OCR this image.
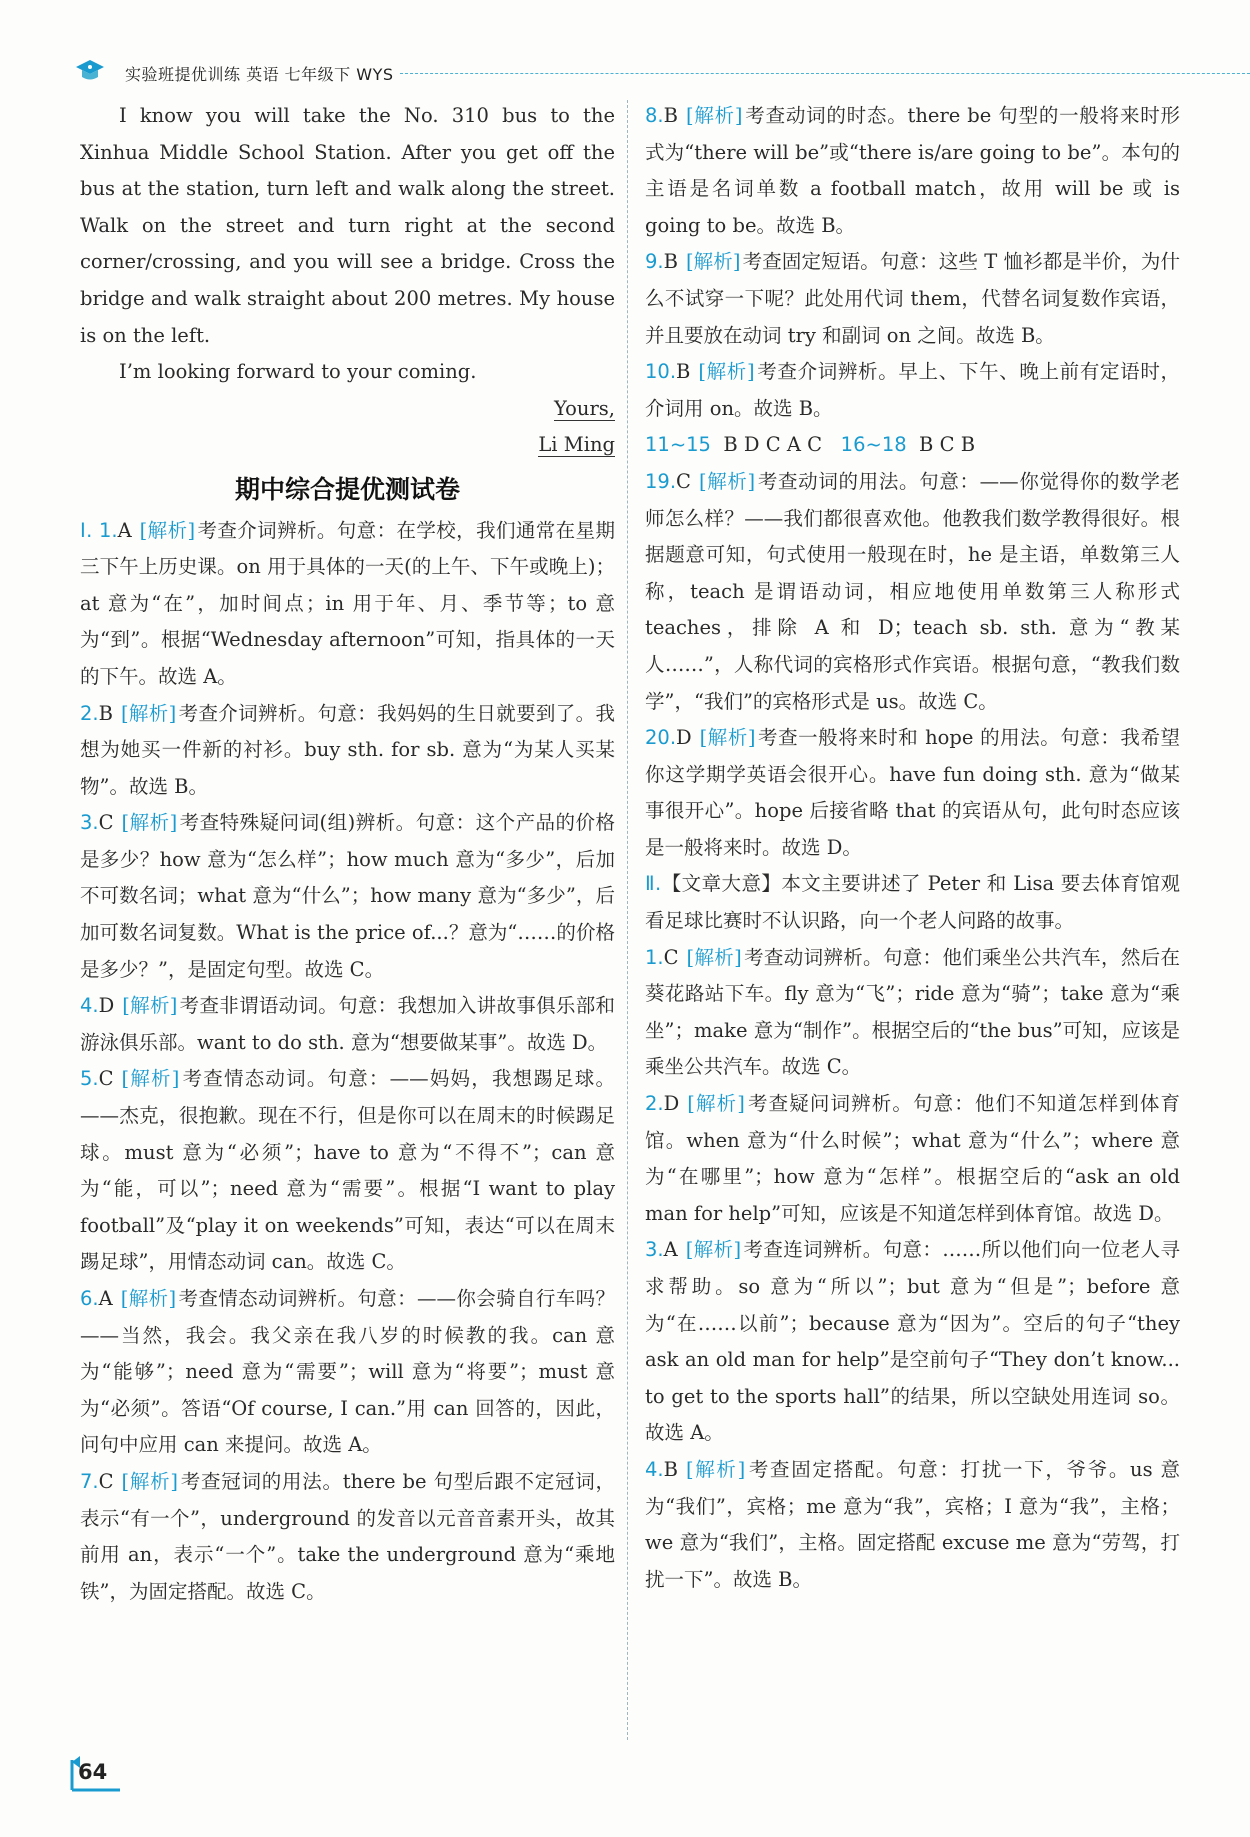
实验班提优训练 英语 七年级下 WYS

I know you will take the No. 310 bus to the Xinhua Middle School Station. After you get off the bus at the station, turn left and walk along the street. Walk on the street and turn right at the second corner/crossing, and you will see a bridge. Cross the bridge and walk straight about 200 metres. My house is on the left.

I’m looking forward to your coming.

Yours,

Li Ming

期中综合提优测试卷

Ⅰ. 1.A [解析] 考查介词辨析。句意：在学校，我们通常在星期三下午上历史课。on 用于具体的一天(的上午、下午或晚上)；at 意为“在”，加时间点；in 用于年、月、季节等；to 意为“到”。根据“Wednesday afternoon”可知，指具体的一天的下午。故选 A。

2.B [解析] 考查介词辨析。句意：我妈妈的生日就要到了。我想为她买一件新的衬衫。buy sth. for sb. 意为“为某人买某物”。故选 B。

3.C [解析] 考查特殊疑问词(组)辨析。句意：这个产品的价格是多少？how 意为“怎么样”；how much 意为“多少”，后加不可数名词；what 意为“什么”；how many 意为“多少”，后加可数名词复数。What is the price of...？意为“……的价格是多少？”，是固定句型。故选 C。

4.D [解析] 考查非谓语动词。句意：我想加入讲故事俱乐部和游泳俱乐部。want to do sth. 意为“想要做某事”。故选 D。

5.C [解析] 考查情态动词。句意：——妈妈，我想踢足球。——杰克，很抱歉。现在不行，但是你可以在周末的时候踢足球。must 意为“必须”；have to 意为“不得不”；can 意为“能，可以”；need 意为“需要”。根据“I want to play football”及“play it on weekends”可知，表达“可以在周末踢足球”，用情态动词 can。故选 C。

6.A [解析] 考查情态动词辨析。句意：——你会骑自行车吗？——当然，我会。我父亲在我八岁的时候教的我。can 意为“能够”；need 意为“需要”；will 意为“将要”；must 意为“必须”。答语“Of course, I can.”用 can 回答的，因此，问句中应用 can 来提问。故选 A。

7.C [解析] 考查冠词的用法。there be 句型后跟不定冠词，表示“有一个”，underground 的发音以元音音素开头，故其前用 an，表示“一个”。take the underground 意为“乘地铁”，为固定搭配。故选 C。

8.B [解析] 考查动词的时态。there be 句型的一般将来时形式为“there will be”或“there is/are going to be”。本句的主语是名词单数 a football match，故用 will be 或 is going to be。故选 B。

9.B [解析] 考查固定短语。句意：这些 T 恤衫都是半价，为什么不试穿一下呢？此处用代词 them，代替名词复数作宾语，并且要放在动词 try 和副词 on 之间。故选 B。

10.B [解析] 考查介词辨析。早上、下午、晚上前有定语时，介词用 on。故选 B。

11~15 B D C A C 16~18 B C B

19.C [解析] 考查动词的用法。句意：——你觉得你的数学老师怎么样？——我们都很喜欢他。他教我们数学教得很好。根据题意可知，句式使用一般现在时，he 是主语，单数第三人称，teach 是谓语动词，相应地使用单数第三人称形式 teaches，排除 A 和 D；teach sb. sth. 意为“教某人……”，人称代词的宾格形式作宾语。根据句意，“教我们数学”，“我们”的宾格形式是 us。故选 C。

20.D [解析] 考查一般将来时和 hope 的用法。句意：我希望你这学期学英语会很开心。have fun doing sth. 意为“做某事很开心”。hope 后接省略 that 的宾语从句，此句时态应该是一般将来时。故选 D。

Ⅱ.【文章大意】本文主要讲述了 Peter 和 Lisa 要去体育馆观看足球比赛时不认识路，向一个老人问路的故事。

1.C [解析] 考查动词辨析。句意：他们乘坐公共汽车，然后在葵花路站下车。fly 意为“飞”；ride 意为“骑”；take 意为“乘坐”；make 意为“制作”。根据空后的“the bus”可知，应该是乘坐公共汽车。故选 C。

2.D [解析] 考查疑问词辨析。句意：他们不知道怎样到体育馆。when 意为“什么时候”；what 意为“什么”；where 意为“在哪里”；how 意为“怎样”。根据空后的“ask an old man for help”可知，应该是不知道怎样到体育馆。故选 D。

3.A [解析] 考查连词辨析。句意：……所以他们向一位老人寻求帮助。so 意为“所以”；but 意为“但是”；before 意为“在……以前”；because 意为“因为”。空后的句子“they ask an old man for help”是空前句子“They don’t know... to get to the sports hall”的结果，所以空缺处用连词 so。故选 A。

4.B [解析] 考查固定搭配。句意：打扰一下，爷爷。us 意为“我们”，宾格；me 意为“我”，宾格；I 意为“我”，主格；we 意为“我们”，主格。固定搭配 excuse me 意为“劳驾，打扰一下”。故选 B。

64
